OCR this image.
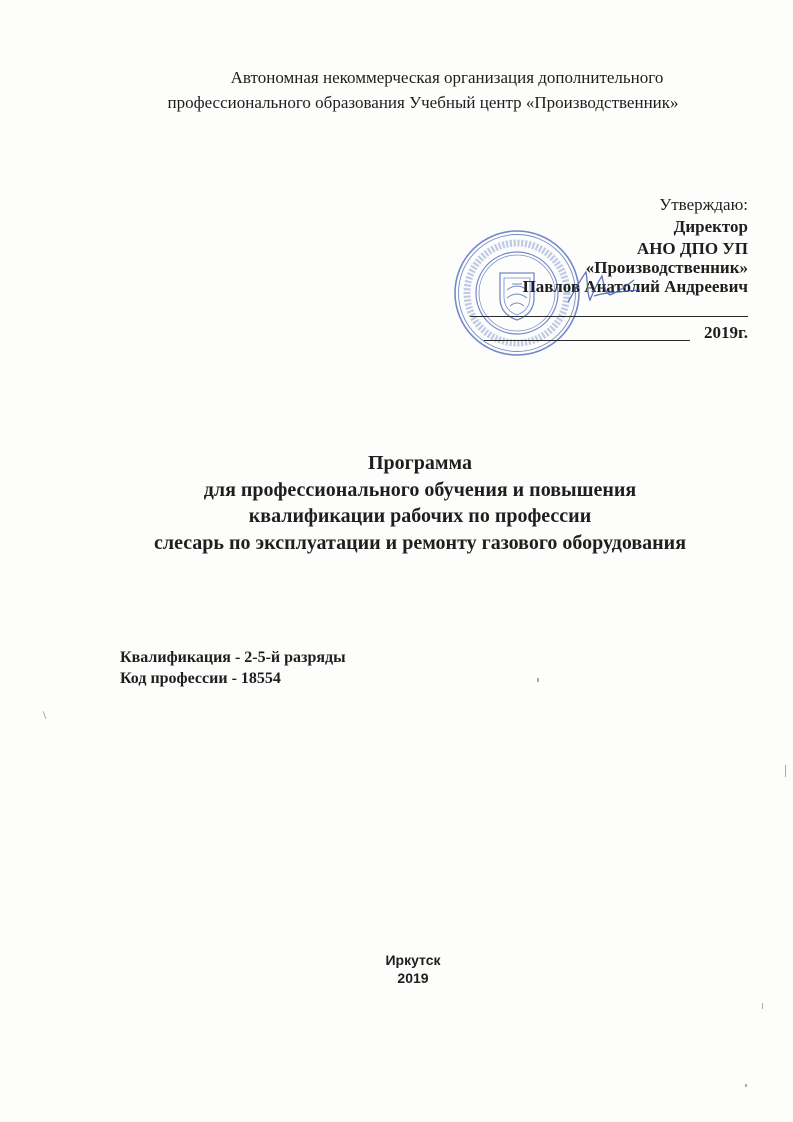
Автономная некоммерческая организация дополнительного
профессионального образования Учебный центр «Производственник»
Утверждаю:
Директор
АНО ДПО УП
«Производственник»
Павлов Анатолий Андреевич
2019г.
Программа
для профессионального обучения и повышения
квалификации рабочих по профессии
слесарь по эксплуатации и ремонту газового оборудования
Квалификация - 2-5-й разряды
Код профессии - 18554
Иркутск
2019
